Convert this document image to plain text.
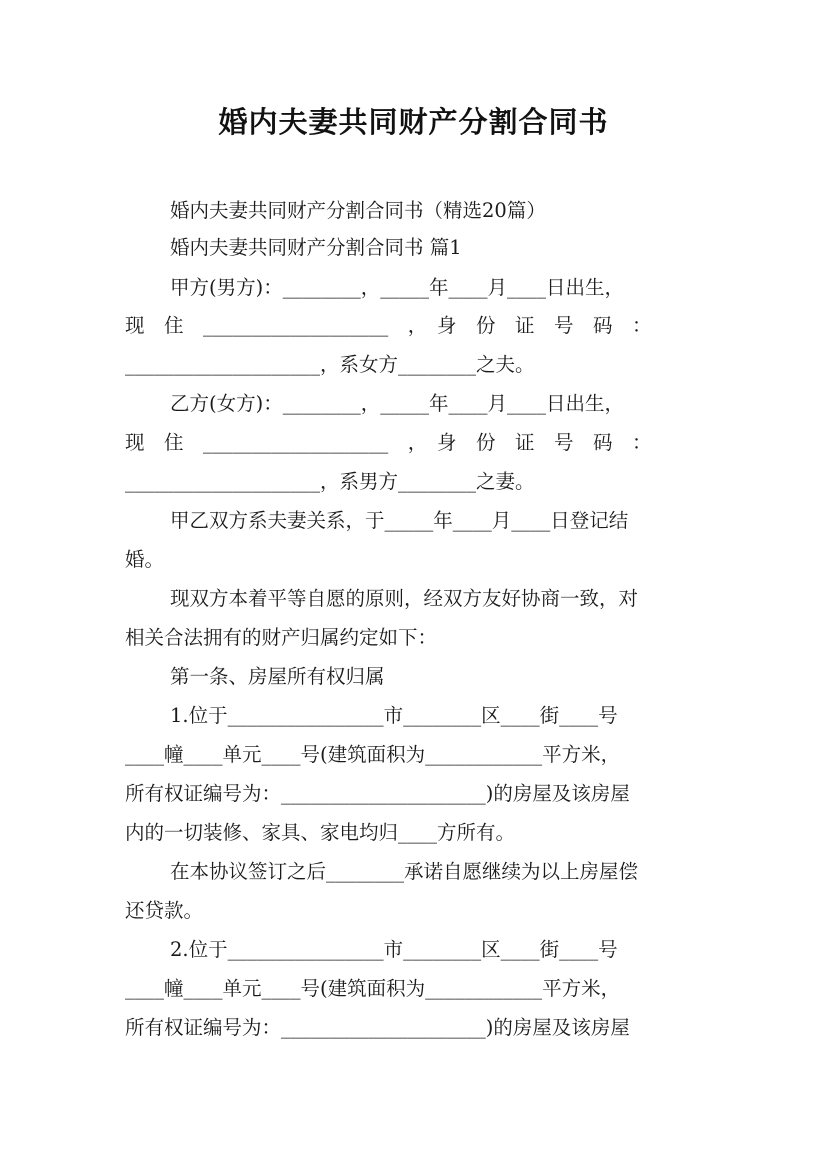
婚内夫妻共同财产分割合同书
婚内夫妻共同财产分割合同书（精选20篇）
婚内夫妻共同财产分割合同书 篇1
甲方(男方)：________，_____年____月____日出生，
现　住　___________________　，　身　份　证　号　码　：
____________________，系女方________之夫。
乙方(女方)：________，_____年____月____日出生，
现　住　___________________　，　身　份　证　号　码　：
____________________，系男方________之妻。
甲乙双方系夫妻关系，于_____年____月____日登记结
婚。
现双方本着平等自愿的原则，经双方友好协商一致，对
相关合法拥有的财产归属约定如下：
第一条、房屋所有权归属
1.位于________________市________区____街____号
____幢____单元____号(建筑面积为____________平方米，
所有权证编号为：_____________________)的房屋及该房屋
内的一切装修、家具、家电均归____方所有。
在本协议签订之后________承诺自愿继续为以上房屋偿
还贷款。
2.位于________________市________区____街____号
____幢____单元____号(建筑面积为____________平方米，
所有权证编号为：_____________________)的房屋及该房屋
